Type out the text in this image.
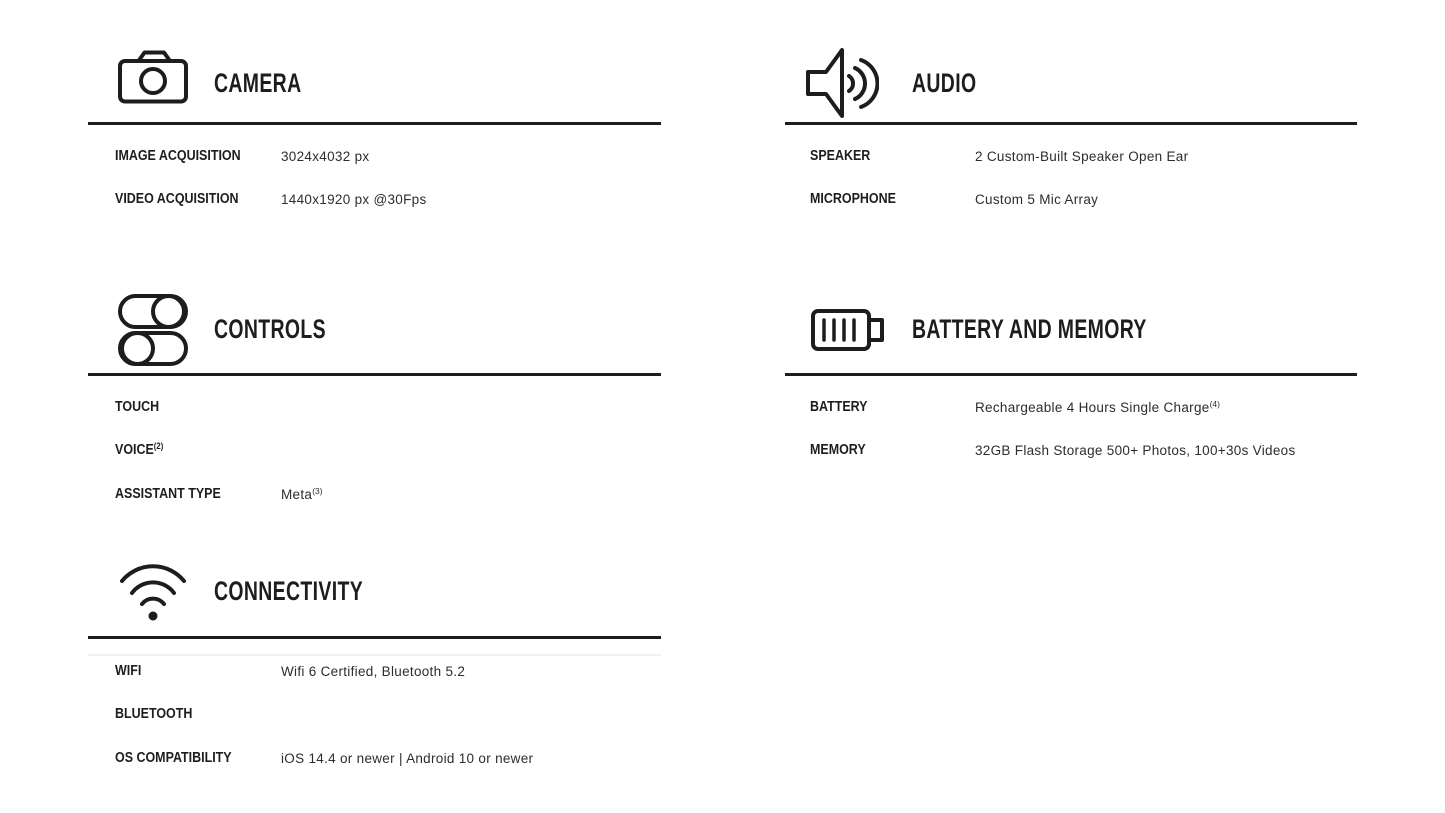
CAMERA
IMAGE ACQUISITION	3024x4032 px
VIDEO ACQUISITION	1440x1920 px @30Fps
AUDIO
SPEAKER	2 Custom-Built Speaker Open Ear
MICROPHONE	Custom 5 Mic Array
CONTROLS
TOUCH
VOICE$^{(2)}$
ASSISTANT TYPE	Meta$^{(3)}$
BATTERY AND MEMORY
BATTERY	Rechargeable 4 Hours Single Charge$^{(4)}$
MEMORY	32GB Flash Storage 500+ Photos, 100+30s Videos
CONNECTIVITY
WIFI	Wifi 6 Certified, Bluetooth 5.2
BLUETOOTH
OS COMPATIBILITY	iOS 14.4 or newer | Android 10 or newer
